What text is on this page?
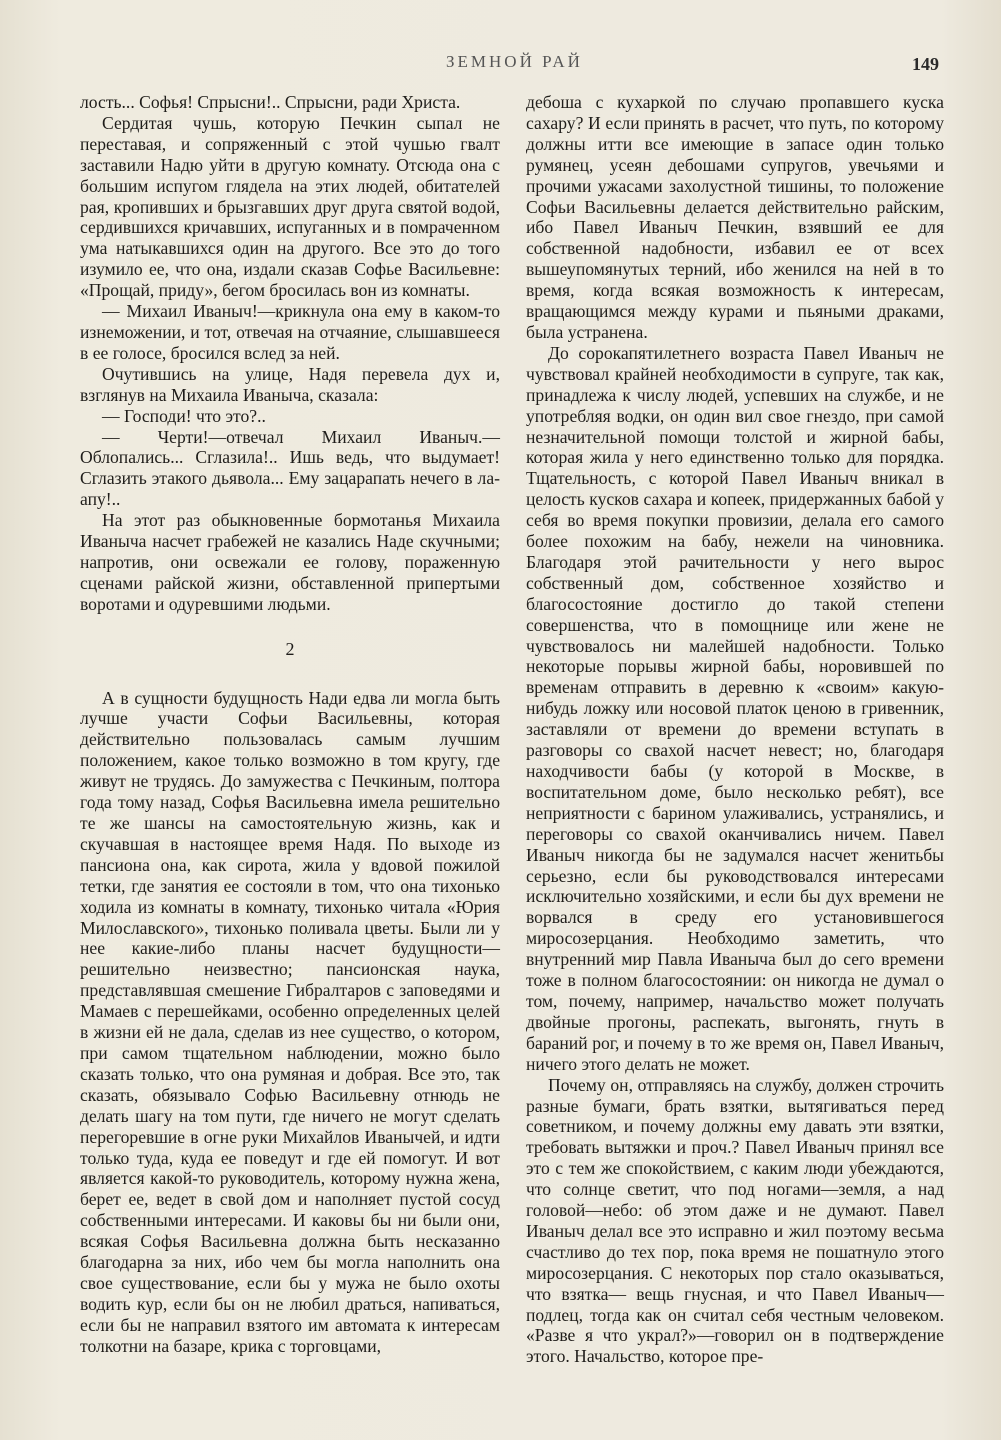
ЗЕМНОЙ РАЙ	149

лость... Софья! Спрысни!.. Спрысни, ради Христа.

Сердитая чушь, которую Печкин сыпал не переставая, и сопряженный с этой чушью гвалт заставили Надю уйти в другую комнату. Отсюда она с большим испугом глядела на этих людей, обитателей рая, кропивших и брызгавших друг друга святой водой, сердившихся кричавших, испуганных и в помраченном ума натыкавшихся один на другого. Все это до того изумило ее, что она, издали сказав Софье Васильевне: «Прощай, приду», бегом бросилась вон из комнаты.

— Михаил Иваныч!—крикнула она ему в каком-то изнеможении, и тот, отвечая на отчаяние, слышавшееся в ее голосе, бросился вслед за ней.

Очутившись на улице, Надя перевела дух и, взглянув на Михаила Иваныча, сказала:

— Господи! что это?..

— Черти!—отвечал Михаил Иваныч.— Облопались... Сглазила!.. Ишь ведь, что выдумает! Сглазить этакого дьявола... Ему зацарапать нечего в ла-апу!..

На этот раз обыкновенные бормотанья Михаила Иваныча насчет грабежей не казались Наде скучными; напротив, они освежали ее голову, пораженную сценами райской жизни, обставленной припертыми воротами и одуревшими людьми.

2

А в сущности будущность Нади едва ли могла быть лучше участи Софьи Васильевны, которая действительно пользовалась самым лучшим положением, какое только возможно в том кругу, где живут не трудясь. До замужества с Печкиным, полтора года тому назад, Софья Васильевна имела решительно те же шансы на самостоятельную жизнь, как и скучавшая в настоящее время Надя. По выходе из пансиона она, как сирота, жила у вдовой пожилой тетки, где занятия ее состояли в том, что она тихонько ходила из комнаты в комнату, тихонько читала «Юрия Милославского», тихонько поливала цветы. Были ли у нее какие-либо планы насчет будущности—решительно неизвестно; пансионская наука, представлявшая смешение Гибралтаров с заповедями и Мамаев с перешейками, особенно определенных целей в жизни ей не дала, сделав из нее существо, о котором, при самом тщательном наблюдении, можно было сказать только, что она румяная и добрая. Все это, так сказать, обязывало Софью Васильевну отнюдь не делать шагу на том пути, где ничего не могут сделать перегоревшие в огне руки Михайлов Иванычей, и идти только туда, куда ее поведут и где ей помогут. И вот является какой-то руководитель, которому нужна жена, берет ее, ведет в свой дом и наполняет пустой сосуд собственными интересами. И каковы бы ни были они, всякая Софья Васильевна должна быть несказанно благодарна за них, ибо чем бы могла наполнить она свое существование, если бы у мужа не было охоты водить кур, если бы он не любил драться, напиваться, если бы не направил взятого им автомата к интересам толкотни на базаре, крика с торговцами,

дебоша с кухаркой по случаю пропавшего куска сахару? И если принять в расчет, что путь, по которому должны итти все имеющие в запасе один только румянец, усеян дебошами супругов, увечьями и прочими ужасами захолустной тишины, то положение Софьи Васильевны делается действительно райским, ибо Павел Иваныч Печкин, взявший ее для собственной надобности, избавил ее от всех вышеупомянутых терний, ибо женился на ней в то время, когда всякая возможность к интересам, вращающимся между курами и пьяными драками, была устранена.

До сорокапятилетнего возраста Павел Иваныч не чувствовал крайней необходимости в супруге, так как, принадлежа к числу людей, успевших на службе, и не употребляя водки, он один вил свое гнездо, при самой незначительной помощи толстой и жирной бабы, которая жила у него единственно только для порядка. Тщательность, с которой Павел Иваныч вникал в целость кусков сахара и копеек, придержанных бабой у себя во время покупки провизии, делала его самого более похожим на бабу, нежели на чиновника. Благодаря этой рачительности у него вырос собственный дом, собственное хозяйство и благосостояние достигло до такой степени совершенства, что в помощнице или жене не чувствовалось ни малейшей надобности. Только некоторые порывы жирной бабы, норовившей по временам отправить в деревню к «своим» какую-нибудь ложку или носовой платок ценою в гривенник, заставляли от времени до времени вступать в разговоры со свахой насчет невест; но, благодаря находчивости бабы (у которой в Москве, в воспитательном доме, было несколько ребят), все неприятности с барином улаживались, устранялись, и переговоры со свахой оканчивались ничем. Павел Иваныч никогда бы не задумался насчет женитьбы серьезно, если бы руководствовался интересами исключительно хозяйскими, и если бы дух времени не ворвался в среду его установившегося миросозерцания. Необходимо заметить, что внутренний мир Павла Иваныча был до сего времени тоже в полном благосостоянии: он никогда не думал о том, почему, например, начальство может получать двойные прогоны, распекать, выгонять, гнуть в бараний рог, и почему в то же время он, Павел Иваныч, ничего этого делать не может.

Почему он, отправляясь на службу, должен строчить разные бумаги, брать взятки, вытягиваться перед советником, и почему должны ему давать эти взятки, требовать вытяжки и проч.? Павел Иваныч принял все это с тем же спокойствием, с каким люди убеждаются, что солнце светит, что под ногами—земля, а над головой—небо: об этом даже и не думают. Павел Иваныч делал все это исправно и жил поэтому весьма счастливо до тех пор, пока время не пошатнуло этого миросозерцания. С некоторых пор стало оказываться, что взятка— вещь гнусная, и что Павел Иваныч—подлец, тогда как он считал себя честным человеком. «Разве я что украл?»—говорил он в подтверждение этого. Начальство, которое пре-
